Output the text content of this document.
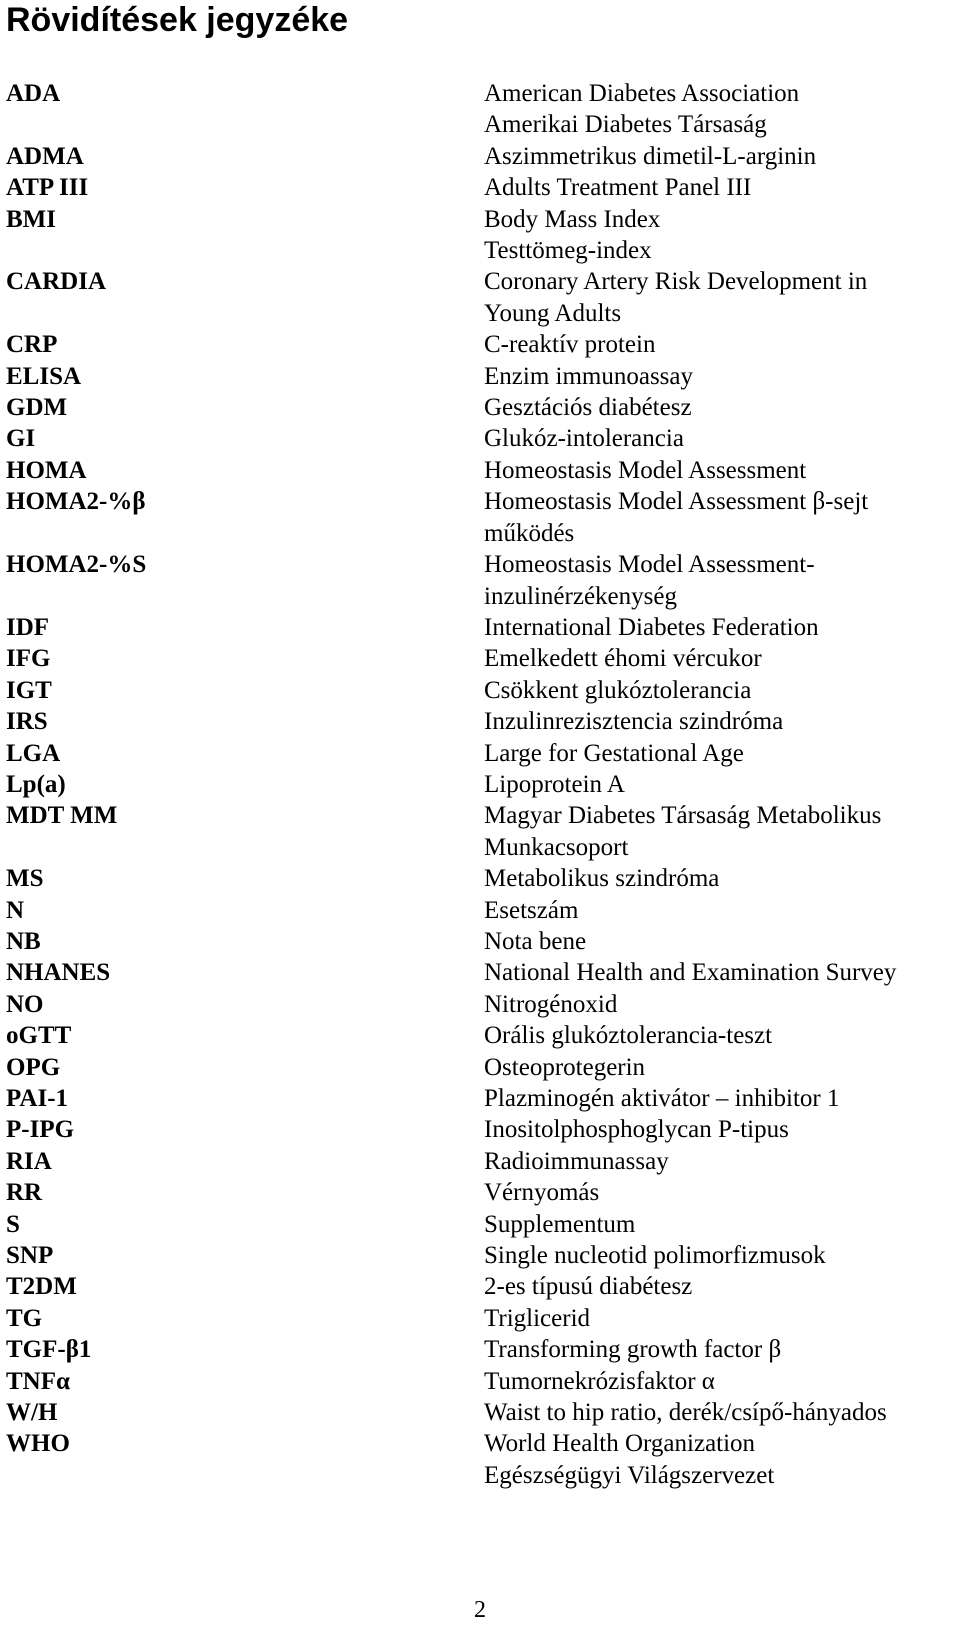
Rövidítések jegyzéke
ADA	American Diabetes Association
Amerikai Diabetes Társaság
ADMA	Aszimmetrikus dimetil-L-arginin
ATP III	Adults Treatment Panel III
BMI	Body Mass Index
Testtömeg-index
CARDIA	Coronary Artery Risk Development in
Young Adults
CRP	C-reaktív protein
ELISA	Enzim immunoassay
GDM	Gesztációs diabétesz
GI	Glukóz-intolerancia
HOMA	Homeostasis Model Assessment
HOMA2-%β	Homeostasis Model Assessment β-sejt
működés
HOMA2-%S	Homeostasis Model Assessment-
inzulinérzékenység
IDF	International Diabetes Federation
IFG	Emelkedett éhomi vércukor
IGT	Csökkent glukóztolerancia
IRS	Inzulinrezisztencia szindróma
LGA	Large for Gestational Age
Lp(a)	Lipoprotein A
MDT MM	Magyar Diabetes Társaság Metabolikus
Munkacsoport
MS	Metabolikus szindróma
N	Esetszám
NB	Nota bene
NHANES	National Health and Examination Survey
NO	Nitrogénoxid
oGTT	Orális glukóztolerancia-teszt
OPG	Osteoprotegerin
PAI-1	Plazminogén aktivátor – inhibitor 1
P-IPG	Inositolphosphoglycan P-tipus
RIA	Radioimmunassay
RR	Vérnyomás
S	Supplementum
SNP	Single nucleotid polimorfizmusok
T2DM	2-es típusú diabétesz
TG	Triglicerid
TGF-β1	Transforming growth factor β
TNFα	Tumornekrózisfaktor α
W/H	Waist to hip ratio, derék/csípő-hányados
WHO	World Health Organization
Egészségügyi Világszervezet
2
